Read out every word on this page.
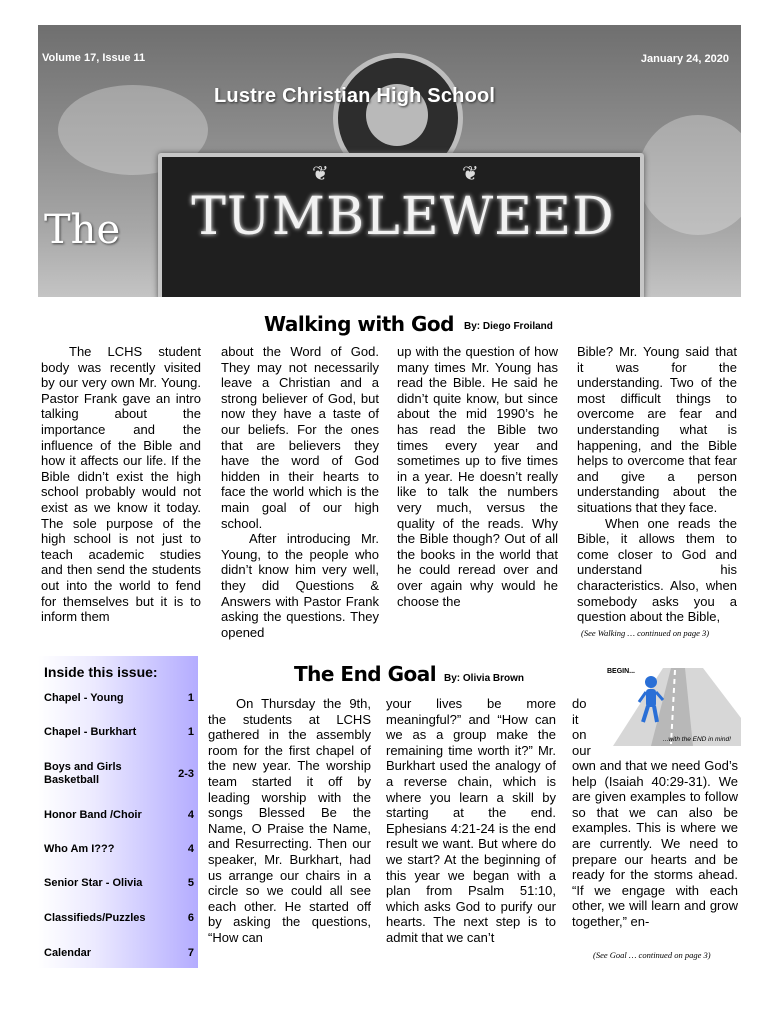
❦	❦
TUMBLEWEED
Volume 17, Issue 11	January 24, 2020
Lustre Christian High School
The
Walking with God By: Diego Froiland

The LCHS student body was recently visited by our very own Mr. Young. Pastor Frank gave an intro talking about the importance and the influence of the Bible and how it affects our life. If the Bible didn’t exist the high school probably would not exist as we know it today. The sole purpose of the high school is not just to teach academic studies and then send the students out into the world to fend for themselves but it is to inform them

about the Word of God. They may not necessarily leave a Christian and a strong believer of God, but now they have a taste of our beliefs. For the ones that are believers they have the word of God hidden in their hearts to face the world which is the main goal of our high school.

After introducing Mr. Young, to the people who didn’t know him very well, they did Questions & Answers with Pastor Frank asking the questions. They opened

up with the question of how many times Mr. Young has read the Bible. He said he didn’t quite know, but since about the mid 1990’s he has read the Bible two times every year and sometimes up to five times in a year. He doesn’t really like to talk the numbers very much, versus the quality of the reads. Why the Bible though? Out of all the books in the world that he could reread over and over again why would he choose the

Bible? Mr. Young said that it was for the understanding. Two of the most difficult things to overcome are fear and understanding what is happening, and the Bible helps to overcome that fear and give a person understanding about the situations that they face.

When one reads the Bible, it allows them to come closer to God and understand his characteristics. Also, when somebody asks you a question about the Bible,

(See Walking … continued on page 3)
Inside this issue:
Chapel - Young	1
Chapel - Burkhart	1
Boys and Girls Basketball	2-3
Honor Band /Choir	4
Who Am I???	4
Senior Star - Olivia	5
Classifieds/Puzzles	6
Calendar	7
The End Goal By: Olivia Brown

On Thursday the 9th, the students at LCHS gathered in the assembly room for the first chapel of the new year. The worship team started it off by leading worship with the songs Blessed Be the Name, O Praise the Name, and Resurrecting. Then our speaker, Mr. Burkhart, had us arrange our chairs in a circle so we could all see each other. He started off by asking the questions, “How can

your lives be more meaningful?” and “How can we as a group make the remaining time worth it?” Mr. Burkhart used the analogy of a reverse chain, which is where you learn a skill by starting at the end. Ephesians 4:21-24 is the end result we want. But where do we start? At the beginning of this year we began with a plan from Psalm 51:10, which asks God to purify our hearts. The next step is to admit that we can’t

do it on our

own and that we need God’s help (Isaiah 40:29-31). We are given examples to follow so that we can also be examples. This is where we are currently. We need to prepare our hearts and be ready for the storms ahead. “If we engage with each other, we will learn and grow together,” en-

(See Goal … continued on page 3)
BEGIN...
...with the END in mind!
